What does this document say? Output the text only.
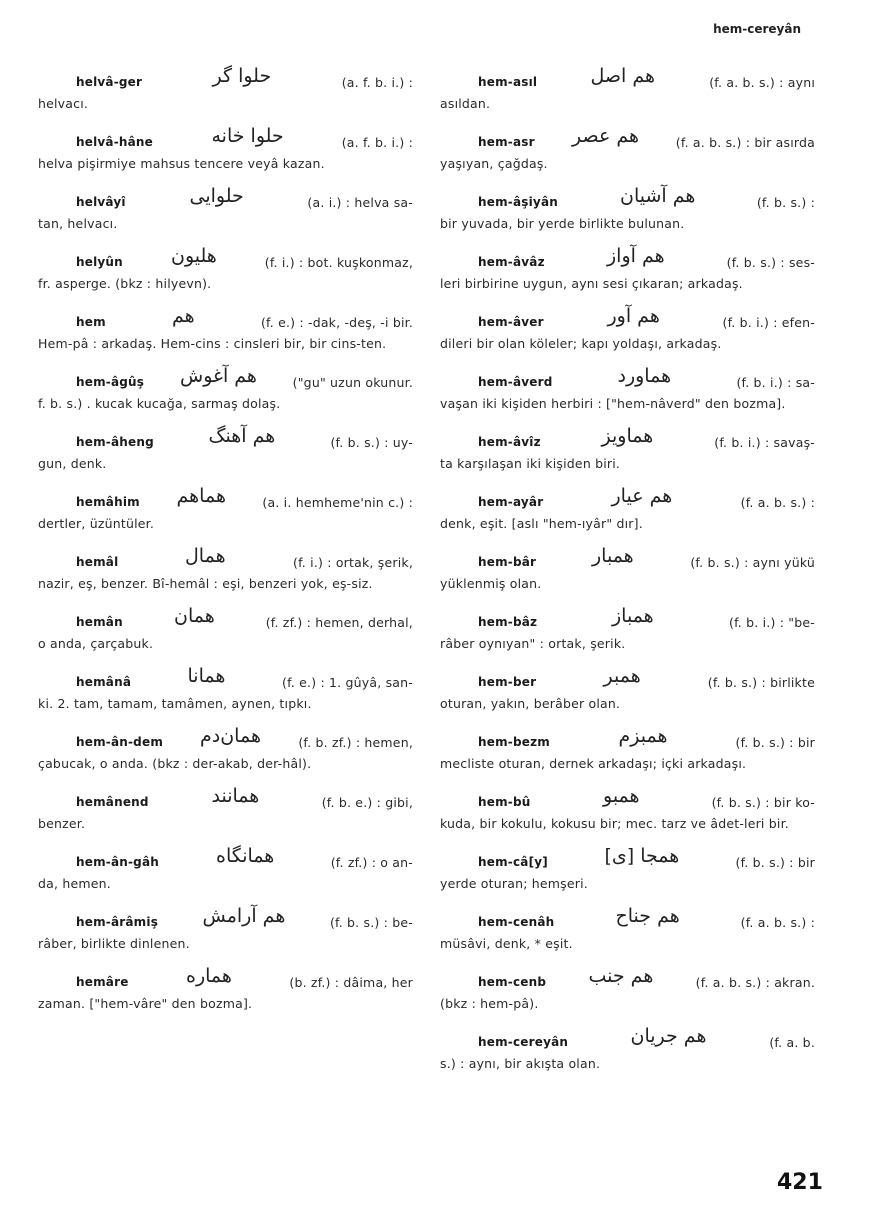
hem-cereyân
helvâ-ger	حلوا گر	(a. f. b. i.) :
helvacı.
helvâ-hâne	حلوا خانه	(a. f. b. i.) :
helva pişirmiye mahsus tencere veyâ kazan.
helvâyî	حلوایی	(a. i.) : helva sa-
tan, helvacı.
helyûn	هلیون	(f. i.) : bot. kuşkonmaz,
fr. asperge. (bkz : hilyevn).
hem	هم	(f. e.) : -dak, -deş, -i bir.
Hem-pâ : arkadaş. Hem-cins : cinsleri bir, bir cins-ten.
hem-âgûş هم آغوش	("gu" uzun okunur.
f. b. s.) . kucak kucağa, sarmaş dolaş.
hem-âheng	هم آهنگ	(f. b. s.) : uy-
gun, denk.
hemâhim هماهم	(a. i. hemheme'nin c.) :
dertler, üzüntüler.
hemâl	همال	(f. i.) : ortak, şerik,
nazir, eş, benzer. Bî-hemâl : eşi, benzeri yok, eş-siz.
hemân	همان	(f. zf.) : hemen, derhal,
o anda, çarçabuk.
hemânâ	همانا	(f. e.) : 1. gûyâ, san-
ki. 2. tam, tamam, tamâmen, aynen, tıpkı.
hem-ân-dem همان‌دم	(f. b. zf.) : hemen,
çabucak, o anda. (bkz : der-akab, der-hâl).
hemânend	همانند	(f. b. e.) : gibi,
benzer.
hem-ân-gâh	همانگاه	(f. zf.) : o an-
da, hemen.
hem-ârâmiş هم آرامش	(f. b. s.) : be-
râber, birlikte dinlenen.
hemâre	همارە	(b. zf.) : dâima, her
zaman. ["hem-vâre" den bozma].
hem-asıl	هم اصل	(f. a. b. s.) : aynı
asıldan.
hem-asr هم عصر	(f. a. b. s.) : bir asırda
yaşıyan, çağdaş.
hem-âşiyân	هم آشیان	(f. b. s.) :
bir yuvada, bir yerde birlikte bulunan.
hem-âvâz	هم آواز	(f. b. s.) : ses-
leri birbirine uygun, aynı sesi çıkaran; arkadaş.
hem-âver	هم آور	(f. b. i.) : efen-
dileri bir olan köleler; kapı yoldaşı, arkadaş.
hem-âverd	هماورد	(f. b. i.) : sa-
vaşan iki kişiden herbiri : ["hem-nâverd" den bozma].
hem-âvîz	هماویز	(f. b. i.) : savaş-
ta karşılaşan iki kişiden biri.
hem-ayâr	هم عیار	(f. a. b. s.) :
denk, eşit. [aslı "hem-ıyâr" dır].
hem-bâr	همبار	(f. b. s.) : aynı yükü
yüklenmiş olan.
hem-bâz	همباز	(f. b. i.) : "be-
râber oynıyan" : ortak, şerik.
hem-ber	همبر	(f. b. s.) : birlikte
oturan, yakın, berâber olan.
hem-bezm	همبزم	(f. b. s.) : bir
mecliste oturan, dernek arkadaşı; içki arkadaşı.
hem-bû	همبو	(f. b. s.) : bir ko-
kuda, bir kokulu, kokusu bir; mec. tarz ve âdet-leri bir.
hem-câ[y]	همجا [ی]	(f. b. s.) : bir
yerde oturan; hemşeri.
hem-cenâh	هم جناح	(f. a. b. s.) :
müsâvi, denk, * eşit.
hem-cenb هم جنب	(f. a. b. s.) : akran.
(bkz : hem-pâ).
hem-cereyân	هم جریان	(f. a. b.
s.) : aynı, bir akışta olan.
421
